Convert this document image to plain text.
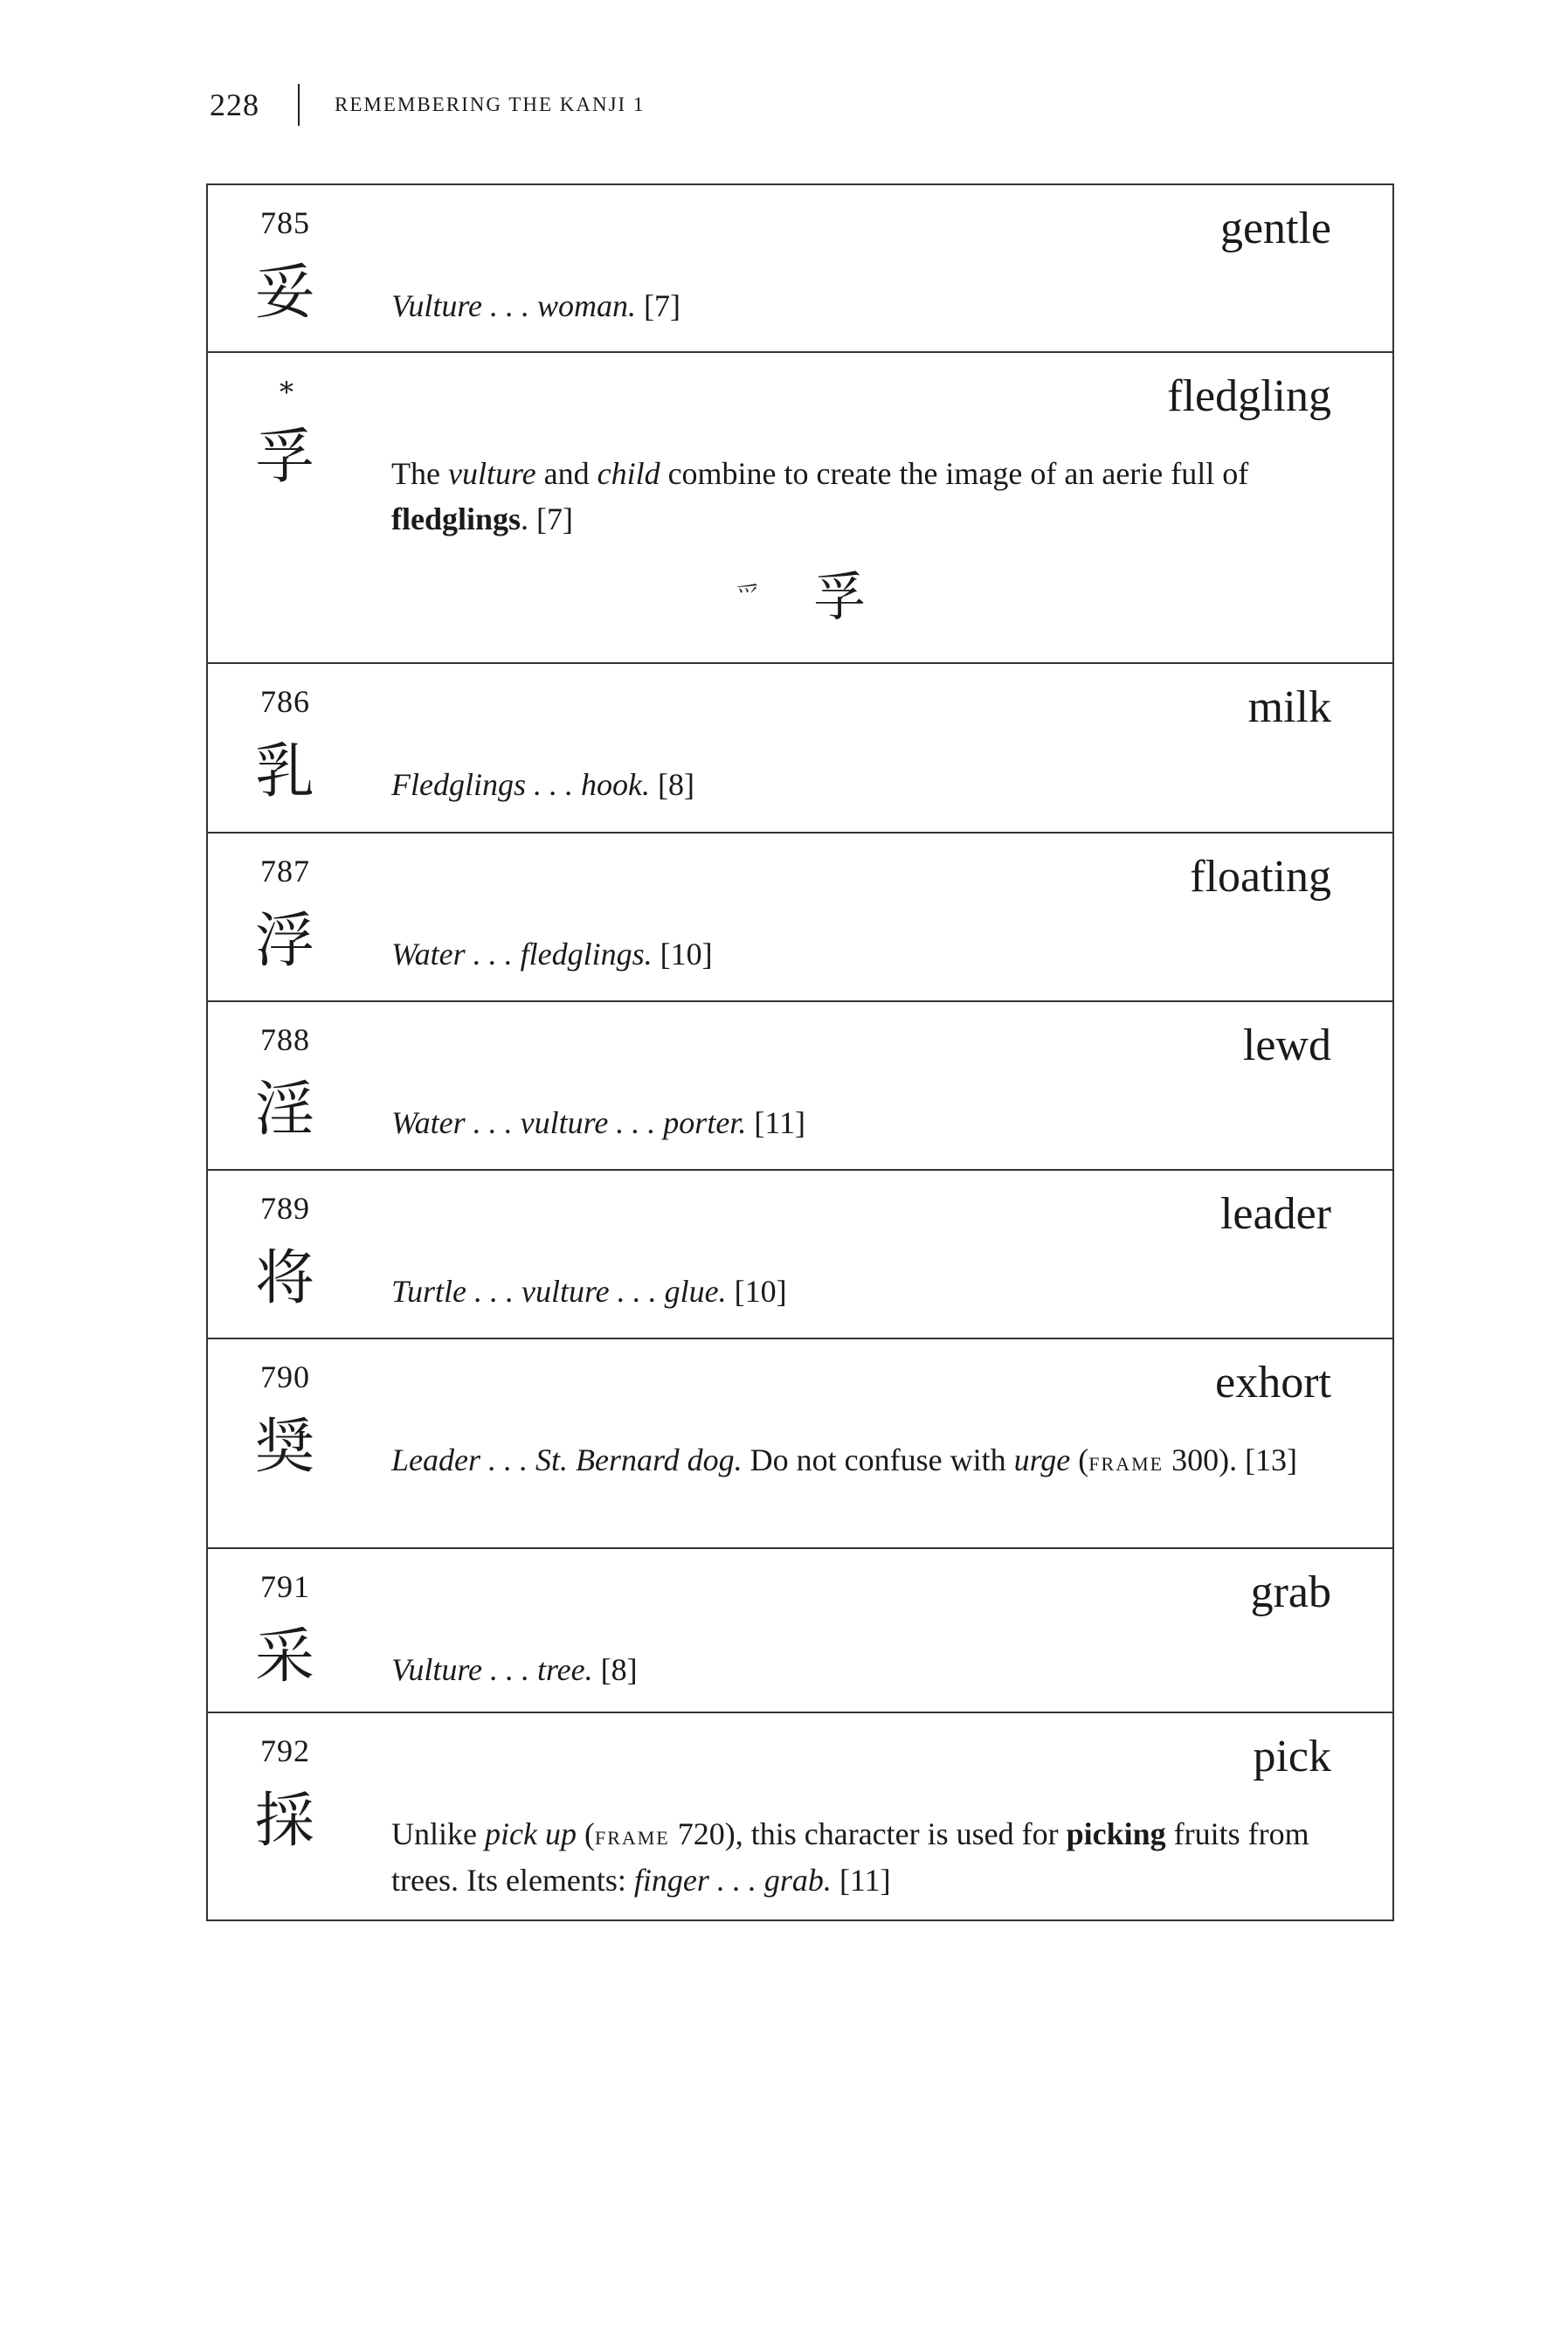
228	REMEMBERING THE KANJI 1
785
妥
gentle
Vulture . . . woman. [7]
*
孚
fledgling
The vulture and child combine to create the image of an aerie full of fledglings. [7]
爫 孚
786
乳
milk
Fledglings . . . hook. [8]
787
浮
floating
Water . . . fledglings. [10]
788
淫
lewd
Water . . . vulture . . . porter. [11]
789
将
leader
Turtle . . . vulture . . . glue. [10]
790
奨
exhort
Leader . . . St. Bernard dog. Do not confuse with urge (frame 300). [13]
791
采
grab
Vulture . . . tree. [8]
792
採
pick
Unlike pick up (frame 720), this character is used for picking fruits from trees. Its elements: finger . . . grab. [11]
